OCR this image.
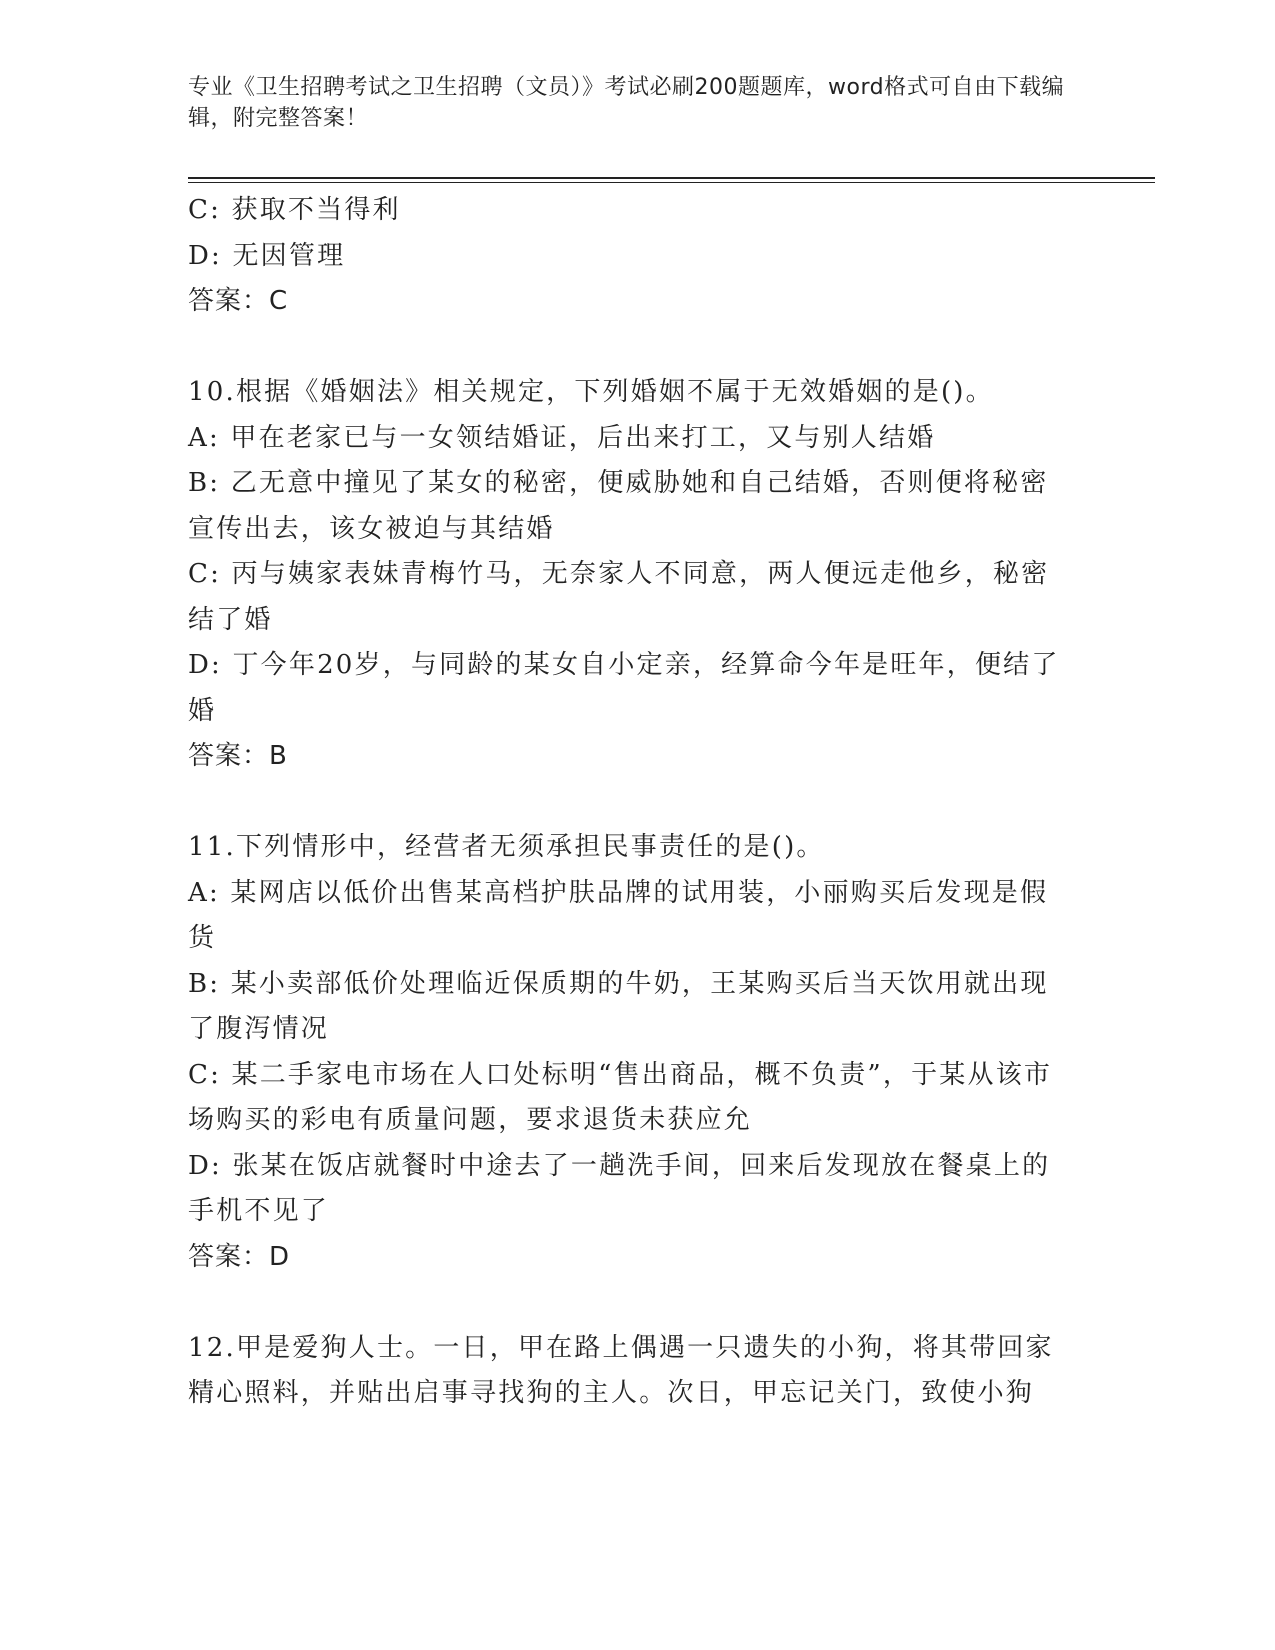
专业《卫生招聘考试之卫生招聘（文员）》考试必刷200题题库，word格式可自由下载编辑，附完整答案！

C: 获取不当得利

D: 无因管理

答案：C

10.根据《婚姻法》相关规定，下列婚姻不属于无效婚姻的是()。

A: 甲在老家已与一女领结婚证，后出来打工，又与别人结婚

B: 乙无意中撞见了某女的秘密，便威胁她和自己结婚，否则便将秘密宣传出去，该女被迫与其结婚

C: 丙与姨家表妹青梅竹马，无奈家人不同意，两人便远走他乡，秘密结了婚

D: 丁今年20岁，与同龄的某女自小定亲，经算命今年是旺年，便结了婚

答案：B

11.下列情形中，经营者无须承担民事责任的是()。

A: 某网店以低价出售某高档护肤品牌的试用装，小丽购买后发现是假货

B: 某小卖部低价处理临近保质期的牛奶，王某购买后当天饮用就出现了腹泻情况

C: 某二手家电市场在人口处标明“售出商品，概不负责”，于某从该市场购买的彩电有质量问题，要求退货未获应允

D: 张某在饭店就餐时中途去了一趟洗手间，回来后发现放在餐桌上的手机不见了

答案：D

12.甲是爱狗人士。一日，甲在路上偶遇一只遗失的小狗，将其带回家精心照料，并贴出启事寻找狗的主人。次日，甲忘记关门，致使小狗
